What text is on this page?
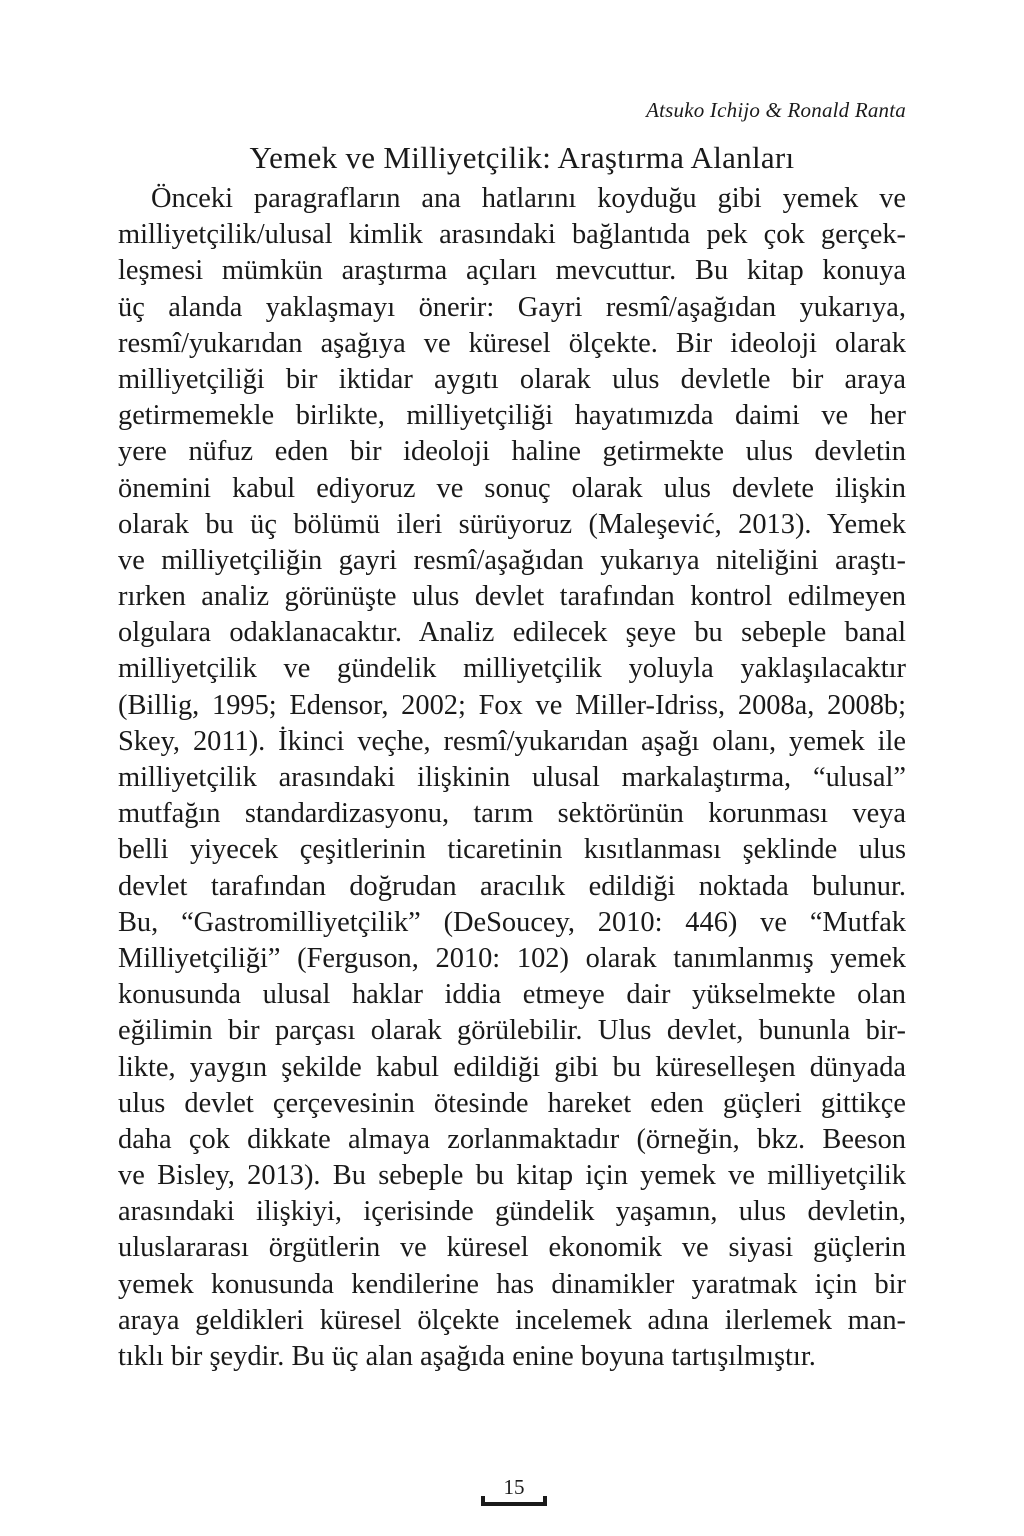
Atsuko Ichijo & Ronald Ranta
Yemek ve Milliyetçilik: Araştırma Alanları
Önceki paragrafların ana hatlarını koyduğu gibi yemek ve
milliyetçilik/ulusal kimlik arasındaki bağlantıda pek çok gerçek-
leşmesi mümkün araştırma açıları mevcuttur. Bu kitap konuya
üç alanda yaklaşmayı önerir: Gayri resmî/aşağıdan yukarıya,
resmî/yukarıdan aşağıya ve küresel ölçekte. Bir ideoloji olarak
milliyetçiliği bir iktidar aygıtı olarak ulus devletle bir araya
getirmemekle birlikte, milliyetçiliği hayatımızda daimi ve her
yere nüfuz eden bir ideoloji haline getirmekte ulus devletin
önemini kabul ediyoruz ve sonuç olarak ulus devlete ilişkin
olarak bu üç bölümü ileri sürüyoruz (Maleşević, 2013). Yemek
ve milliyetçiliğin gayri resmî/aşağıdan yukarıya niteliğini araştı-
rırken analiz görünüşte ulus devlet tarafından kontrol edilmeyen
olgulara odaklanacaktır. Analiz edilecek şeye bu sebeple banal
milliyetçilik ve gündelik milliyetçilik yoluyla yaklaşılacaktır
(Billig, 1995; Edensor, 2002; Fox ve Miller-Idriss, 2008a, 2008b;
Skey, 2011). İkinci veçhe, resmî/yukarıdan aşağı olanı, yemek ile
milliyetçilik arasındaki ilişkinin ulusal markalaştırma, “ulusal”
mutfağın standardizasyonu, tarım sektörünün korunması veya
belli yiyecek çeşitlerinin ticaretinin kısıtlanması şeklinde ulus
devlet tarafından doğrudan aracılık edildiği noktada bulunur.
Bu, “Gastromilliyetçilik” (DeSoucey, 2010: 446) ve “Mutfak
Milliyetçiliği” (Ferguson, 2010: 102) olarak tanımlanmış yemek
konusunda ulusal haklar iddia etmeye dair yükselmekte olan
eğilimin bir parçası olarak görülebilir. Ulus devlet, bununla bir-
likte, yaygın şekilde kabul edildiği gibi bu küreselleşen dünyada
ulus devlet çerçevesinin ötesinde hareket eden güçleri gittikçe
daha çok dikkate almaya zorlanmaktadır (örneğin, bkz. Beeson
ve Bisley, 2013). Bu sebeple bu kitap için yemek ve milliyetçilik
arasındaki ilişkiyi, içerisinde gündelik yaşamın, ulus devletin,
uluslararası örgütlerin ve küresel ekonomik ve siyasi güçlerin
yemek konusunda kendilerine has dinamikler yaratmak için bir
araya geldikleri küresel ölçekte incelemek adına ilerlemek man-
tıklı bir şeydir. Bu üç alan aşağıda enine boyuna tartışılmıştır.
15
